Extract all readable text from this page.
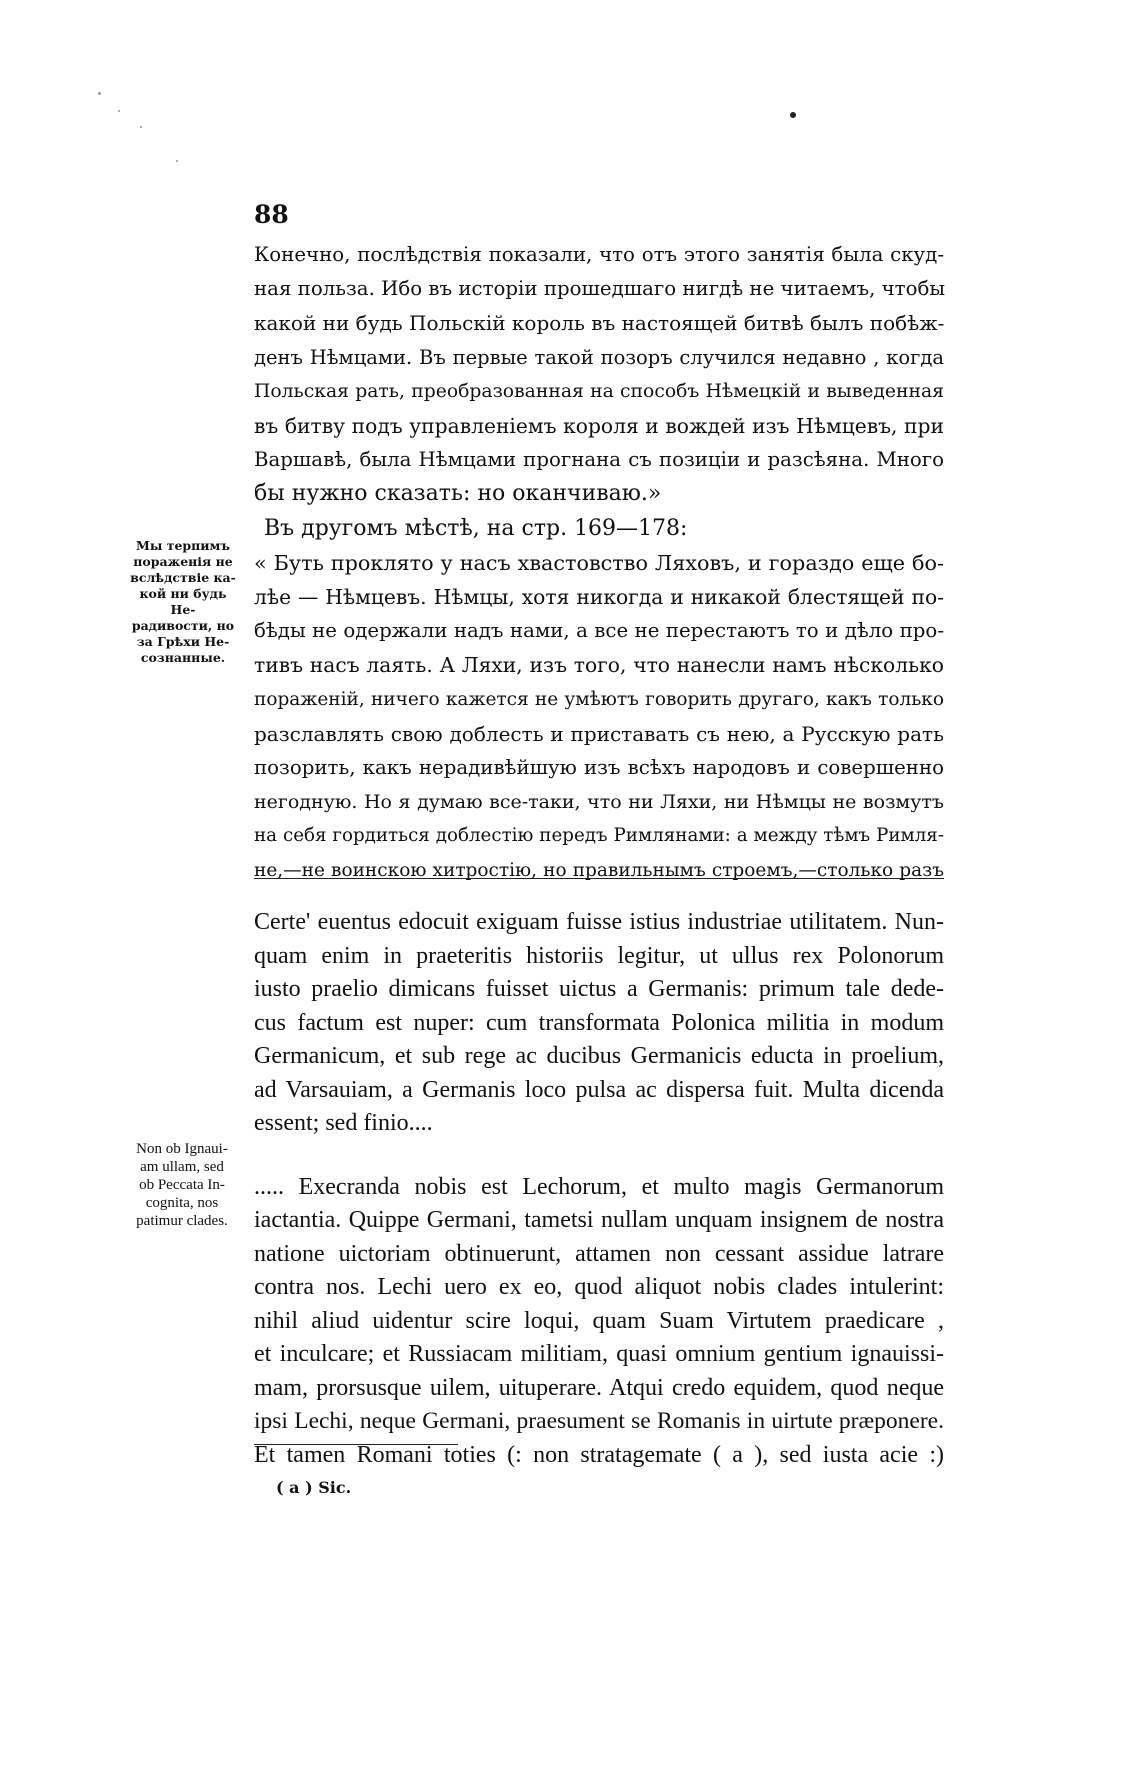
88

Конечно, послѣдствія показали, что отъ этого занятія была скуд-
ная польза. Ибо въ исторіи прошедшаго нигдѣ не читаемъ, чтобы
какой ни будь Польскій король въ настоящей битвѣ былъ побѣж-
денъ Нѣмцами. Въ первые такой позоръ случился недавно , когда
Польская рать, преобразованная на способъ Нѣмецкій и выведенная
въ битву подъ управленіемъ короля и вождей изъ Нѣмцевъ, при
Варшавѣ, была Нѣмцами прогнана съ позиціи и разсѣяна. Много
бы нужно сказать: но оканчиваю.»

Въ другомъ мѣстѣ, на стр. 169—178:

« Буть проклято у насъ хвастовство Ляховъ, и гораздо еще бо-
лѣе — Нѣмцевъ. Нѣмцы, хотя никогда и никакой блестящей по-
бѣды не одержали надъ нами, а все не перестаютъ то и дѣло про-
тивъ насъ лаять. А Ляхи, изъ того, что нанесли намъ нѣсколько
пораженій, ничего кажется не умѣютъ говорить другаго, какъ только
разславлять свою доблесть и приставать съ нею, а Русскую рать
позорить, какъ нерадивѣйшую изъ всѣхъ народовъ и совершенно
негодную. Но я думаю все-таки, что ни Ляхи, ни Нѣмцы не возмутъ
на себя гордиться доблестію передъ Римлянами: а между тѣмъ Римля-
не,—не воинскою хитростію, но правильнымъ строемъ,—столько разъ

Мы терпимъ
пораженія не
вслѣдствіе ка-
кой ни будь Не-
радивости, но
за Грѣхи Не-
сознанные.
Certe' euentus edocuit exiguam fuisse istius industriae utilitatem. Nun-
quam enim in praeteritis historiis legitur, ut ullus rex Polonorum
iusto praelio dimicans fuisset uictus a Germanis: primum tale dede-
cus factum est nuper: cum transformata Polonica militia in modum
Germanicum, et sub rege ac ducibus Germanicis educta in proelium,
ad Varsauiam, a Germanis loco pulsa ac dispersa fuit. Multa dicenda
essent; sed finio....
..... Execranda nobis est Lechorum, et multo magis Germanorum
iactantia. Quippe Germani, tametsi nullam unquam insignem de nostra
natione uictoriam obtinuerunt, attamen non cessant assidue latrare
contra nos. Lechi uero ex eo, quod aliquot nobis clades intulerint:
nihil aliud uidentur scire loqui, quam Suam Virtutem praedicare ,
et inculcare; et Russiacam militiam, quasi omnium gentium ignauissi-
mam, prorsusque uilem, uituperare. Atqui credo equidem, quod neque
ipsi Lechi, neque Germani, praesument se Romanis in uirtute præponere.
Et tamen Romani toties (: non stratagemate ( a ), sed iusta acie :)
Non ob Ignaui-
am ullam, sed
ob Peccata In-
cognita, nos
patimur clades.
( a ) Sic.
